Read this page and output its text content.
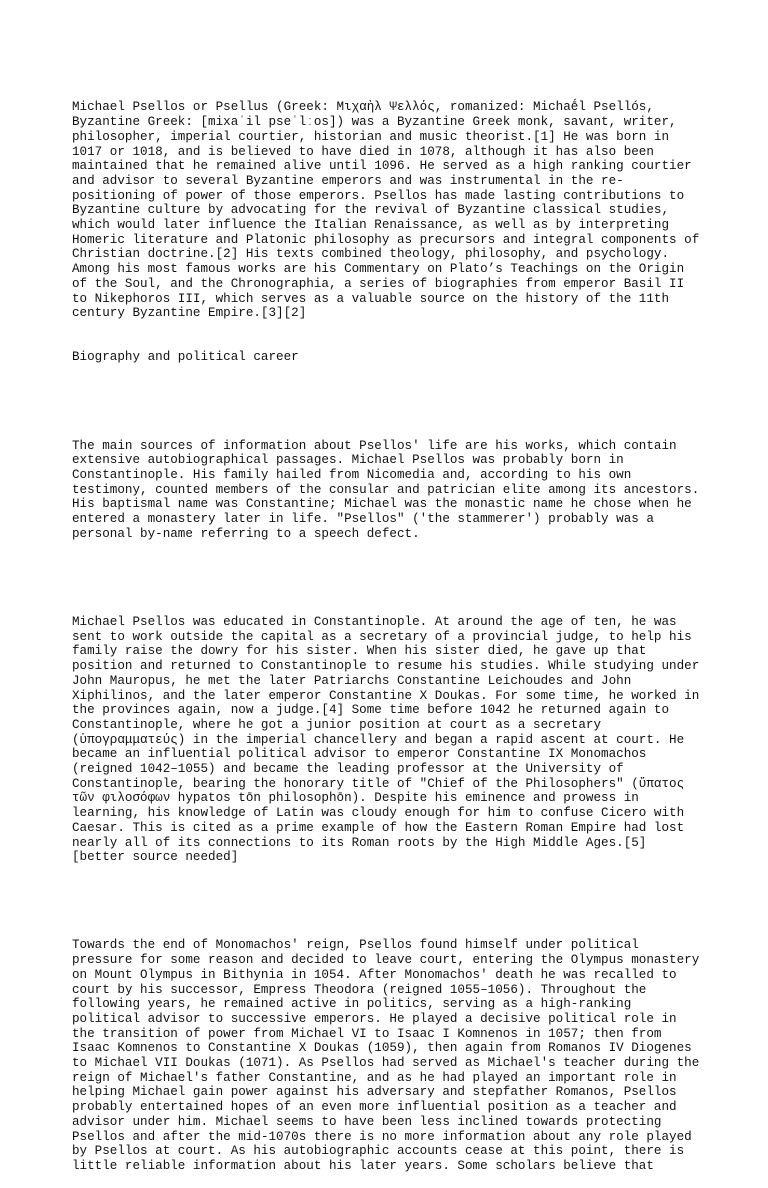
Michael Psellos or Psellus (Greek: Μιχαὴλ Ψελλός, romanized: Michaḗl Psellós,
Byzantine Greek: [mixaˈil pseˈlːos]) was a Byzantine Greek monk, savant, writer,
philosopher, imperial courtier, historian and music theorist.[1] He was born in
1017 or 1018, and is believed to have died in 1078, although it has also been
maintained that he remained alive until 1096. He served as a high ranking courtier
and advisor to several Byzantine emperors and was instrumental in the re-
positioning of power of those emperors. Psellos has made lasting contributions to
Byzantine culture by advocating for the revival of Byzantine classical studies,
which would later influence the Italian Renaissance, as well as by interpreting
Homeric literature and Platonic philosophy as precursors and integral components of
Christian doctrine.[2] His texts combined theology, philosophy, and psychology.
Among his most famous works are his Commentary on Plato’s Teachings on the Origin
of the Soul, and the Chronographia, a series of biographies from emperor Basil II
to Nikephoros III, which serves as a valuable source on the history of the 11th
century Byzantine Empire.[3][2]

Biography and political career

The main sources of information about Psellos' life are his works, which contain
extensive autobiographical passages. Michael Psellos was probably born in
Constantinople. His family hailed from Nicomedia and, according to his own
testimony, counted members of the consular and patrician elite among its ancestors.
His baptismal name was Constantine; Michael was the monastic name he chose when he
entered a monastery later in life. "Psellos" ('the stammerer') probably was a
personal by-name referring to a speech defect.

Michael Psellos was educated in Constantinople. At around the age of ten, he was
sent to work outside the capital as a secretary of a provincial judge, to help his
family raise the dowry for his sister. When his sister died, he gave up that
position and returned to Constantinople to resume his studies. While studying under
John Mauropus, he met the later Patriarchs Constantine Leichoudes and John
Xiphilinos, and the later emperor Constantine X Doukas. For some time, he worked in
the provinces again, now a judge.[4] Some time before 1042 he returned again to
Constantinople, where he got a junior position at court as a secretary
(ὑπογραμματεύς) in the imperial chancellery and began a rapid ascent at court. He
became an influential political advisor to emperor Constantine IX Monomachos
(reigned 1042–1055) and became the leading professor at the University of
Constantinople, bearing the honorary title of "Chief of the Philosophers" (ὕπατος
τῶν φιλοσόφων hypatos tōn philosophōn). Despite his eminence and prowess in
learning, his knowledge of Latin was cloudy enough for him to confuse Cicero with
Caesar. This is cited as a prime example of how the Eastern Roman Empire had lost
nearly all of its connections to its Roman roots by the High Middle Ages.[5]
[better source needed]

Towards the end of Monomachos' reign, Psellos found himself under political
pressure for some reason and decided to leave court, entering the Olympus monastery
on Mount Olympus in Bithynia in 1054. After Monomachos' death he was recalled to
court by his successor, Empress Theodora (reigned 1055–1056). Throughout the
following years, he remained active in politics, serving as a high-ranking
political advisor to successive emperors. He played a decisive political role in
the transition of power from Michael VI to Isaac I Komnenos in 1057; then from
Isaac Komnenos to Constantine X Doukas (1059), then again from Romanos IV Diogenes
to Michael VII Doukas (1071). As Psellos had served as Michael's teacher during the
reign of Michael's father Constantine, and as he had played an important role in
helping Michael gain power against his adversary and stepfather Romanos, Psellos
probably entertained hopes of an even more influential position as a teacher and
advisor under him. Michael seems to have been less inclined towards protecting
Psellos and after the mid-1070s there is no more information about any role played
by Psellos at court. As his autobiographic accounts cease at this point, there is
little reliable information about his later years. Some scholars believe that
